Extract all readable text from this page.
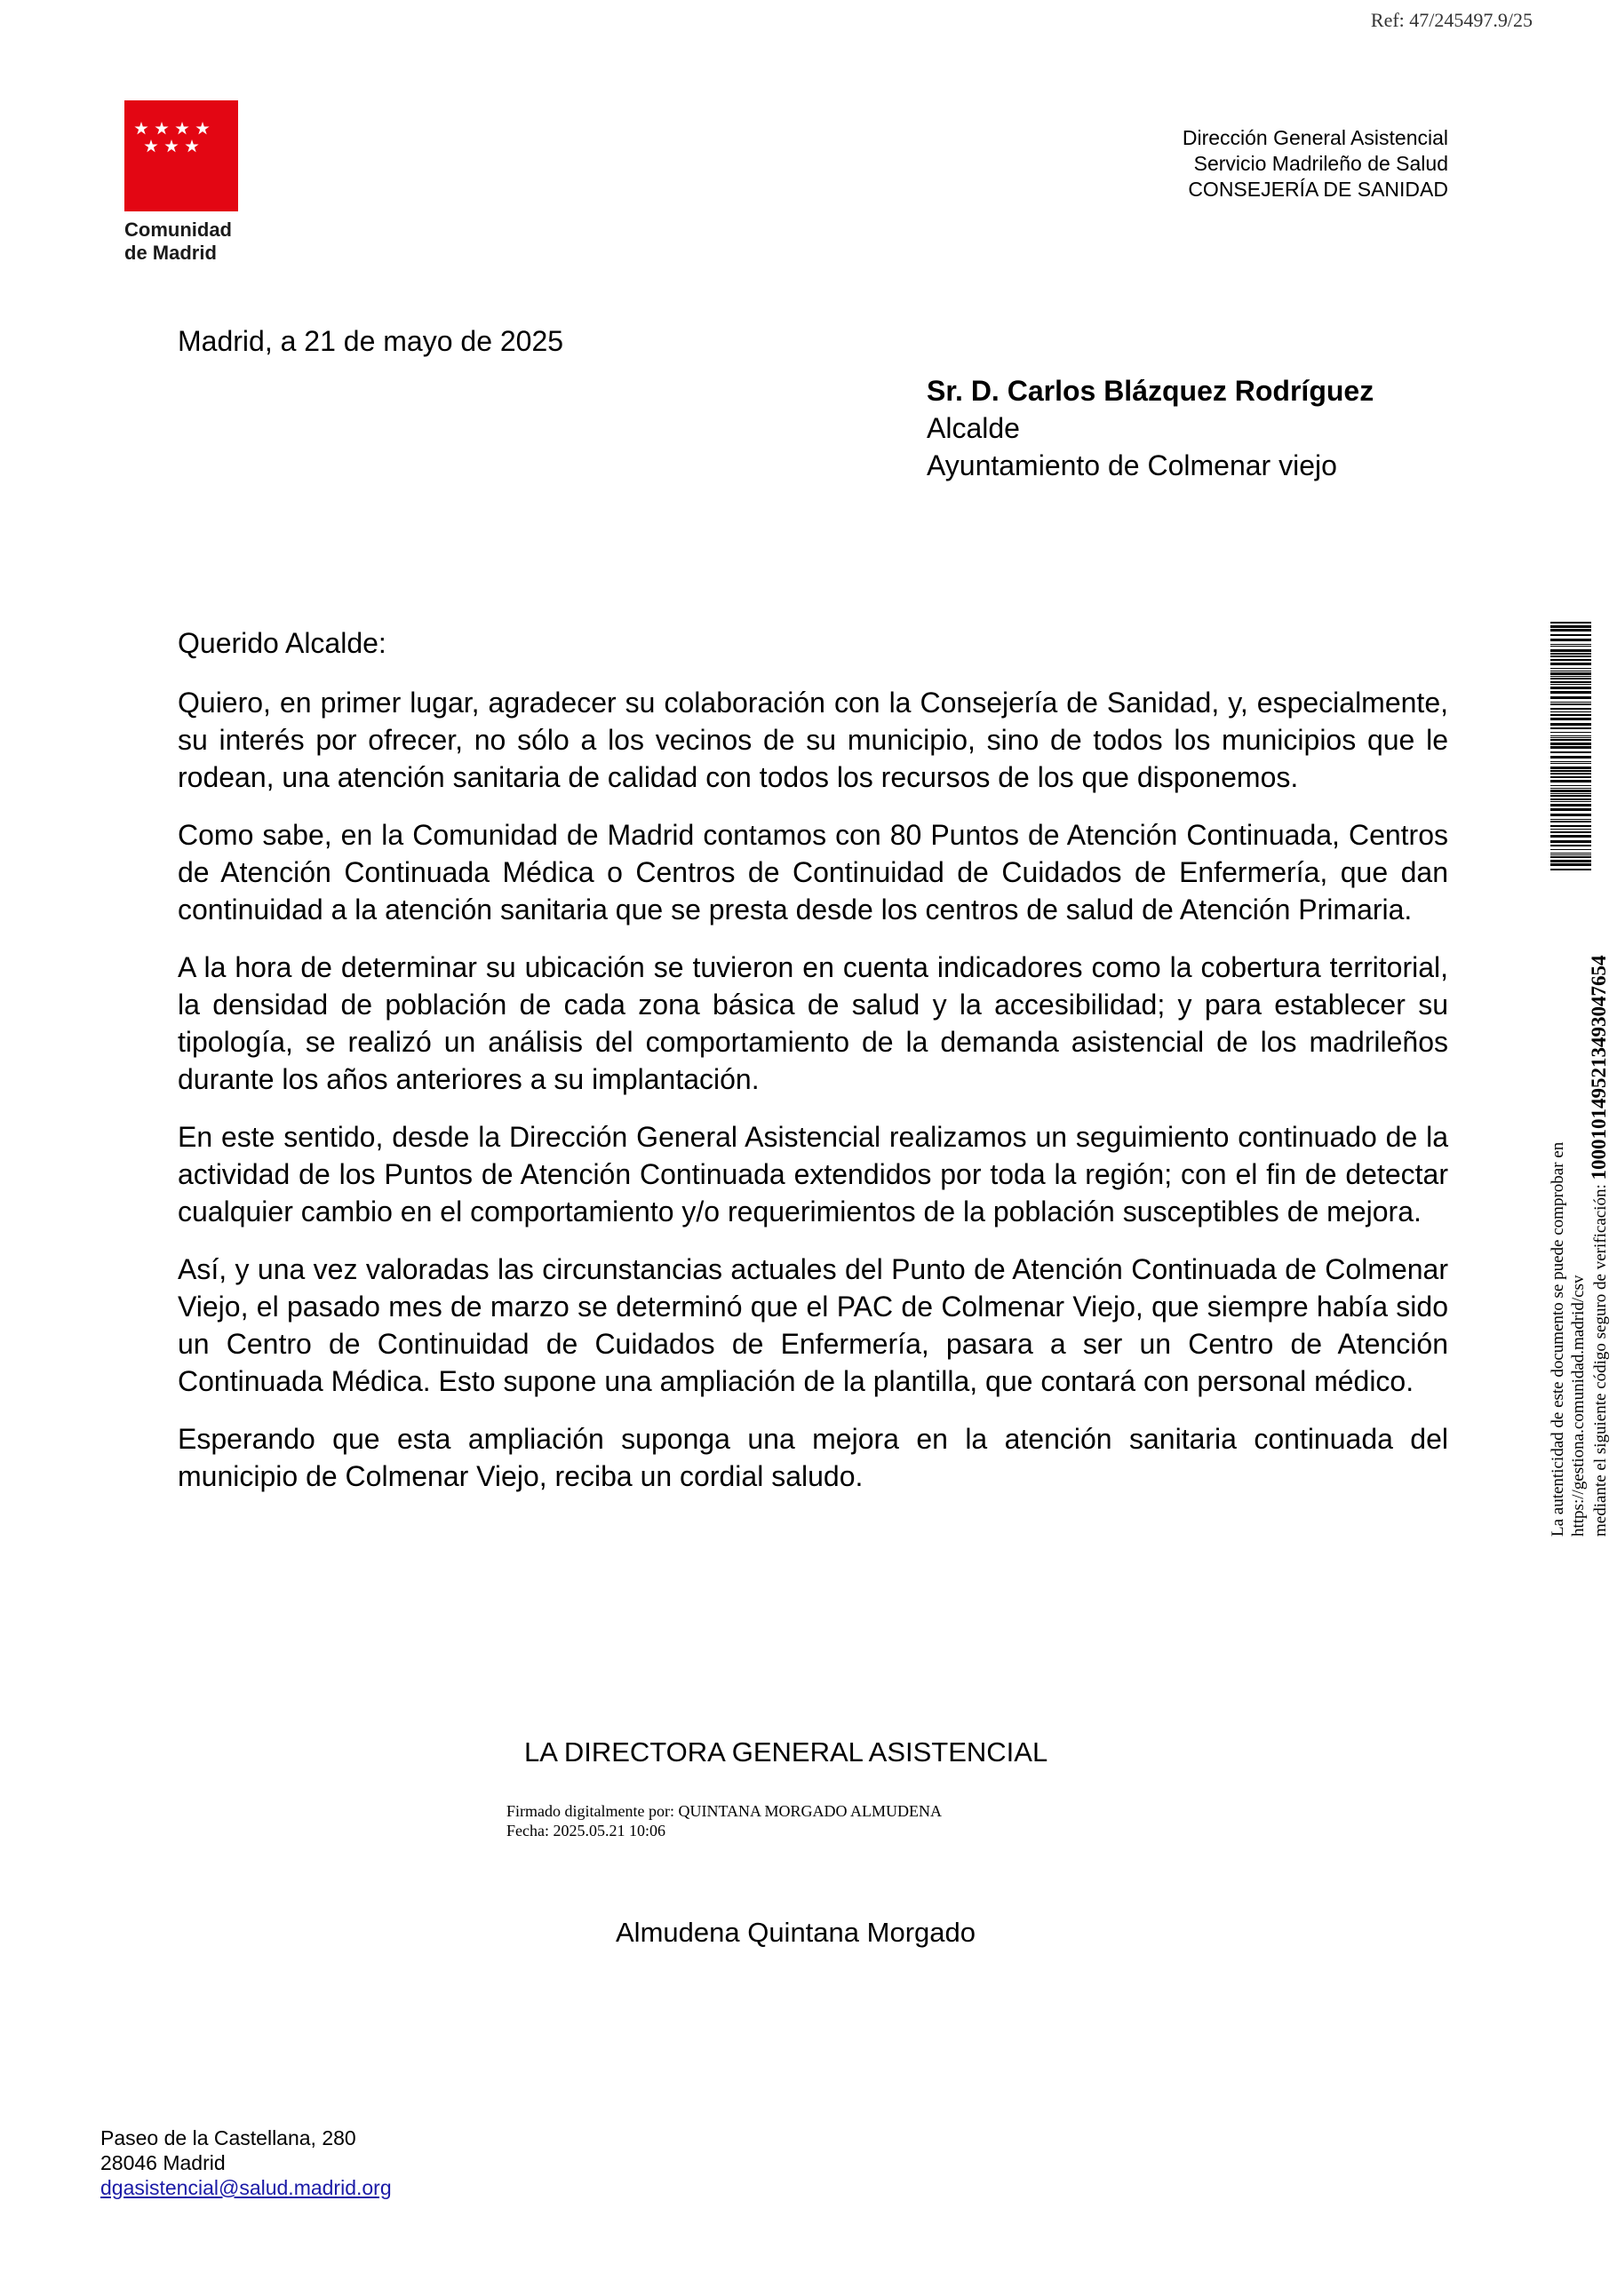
Ref: 47/245497.9/25
Comunidad
de Madrid
Dirección General Asistencial
Servicio Madrileño de Salud
CONSEJERÍA DE SANIDAD
Madrid, a 21 de mayo de 2025
Sr. D. Carlos Blázquez Rodríguez
Alcalde
Ayuntamiento de Colmenar viejo
Querido Alcalde:

Quiero, en primer lugar, agradecer su colaboración con la Consejería de Sanidad, y, especialmente, su interés por ofrecer, no sólo a los vecinos de su municipio, sino de todos los municipios que le rodean, una atención sanitaria de calidad con todos los recursos de los que disponemos.

Como sabe, en la Comunidad de Madrid contamos con 80 Puntos de Atención Continuada, Centros de Atención Continuada Médica o Centros de Continuidad de Cuidados de Enfermería, que dan continuidad a la atención sanitaria que se presta desde los centros de salud de Atención Primaria.

A la hora de determinar su ubicación se tuvieron en cuenta indicadores como la cobertura territorial, la densidad de población de cada zona básica de salud y la accesibilidad; y para establecer su tipología, se realizó un análisis del comportamiento de la demanda asistencial de los madrileños durante los años anteriores a su implantación.

En este sentido, desde la Dirección General Asistencial realizamos un seguimiento continuado de la actividad de los Puntos de Atención Continuada extendidos por toda la región; con el fin de detectar cualquier cambio en el comportamiento y/o requerimientos de la población susceptibles de mejora.

Así, y una vez valoradas las circunstancias actuales del Punto de Atención Continuada de Colmenar Viejo, el pasado mes de marzo se determinó que el PAC de Colmenar Viejo, que siempre había sido un Centro de Continuidad de Cuidados de Enfermería, pasara a ser un Centro de Atención Continuada Médica. Esto supone una ampliación de la plantilla, que contará con personal médico.

Esperando que esta ampliación suponga una mejora en la atención sanitaria continuada del municipio de Colmenar Viejo, reciba un cordial saludo.

LA DIRECTORA GENERAL ASISTENCIAL
Firmado digitalmente por: QUINTANA MORGADO ALMUDENA
Fecha: 2025.05.21 10:06
Almudena Quintana Morgado
Paseo de la Castellana, 280
28046 Madrid
dgasistencial@salud.madrid.org
La autenticidad de este documento se puede comprobar en https://gestiona.comunidad.madrid/csv mediante el siguiente código seguro de verificación: 1000101495213493047654
